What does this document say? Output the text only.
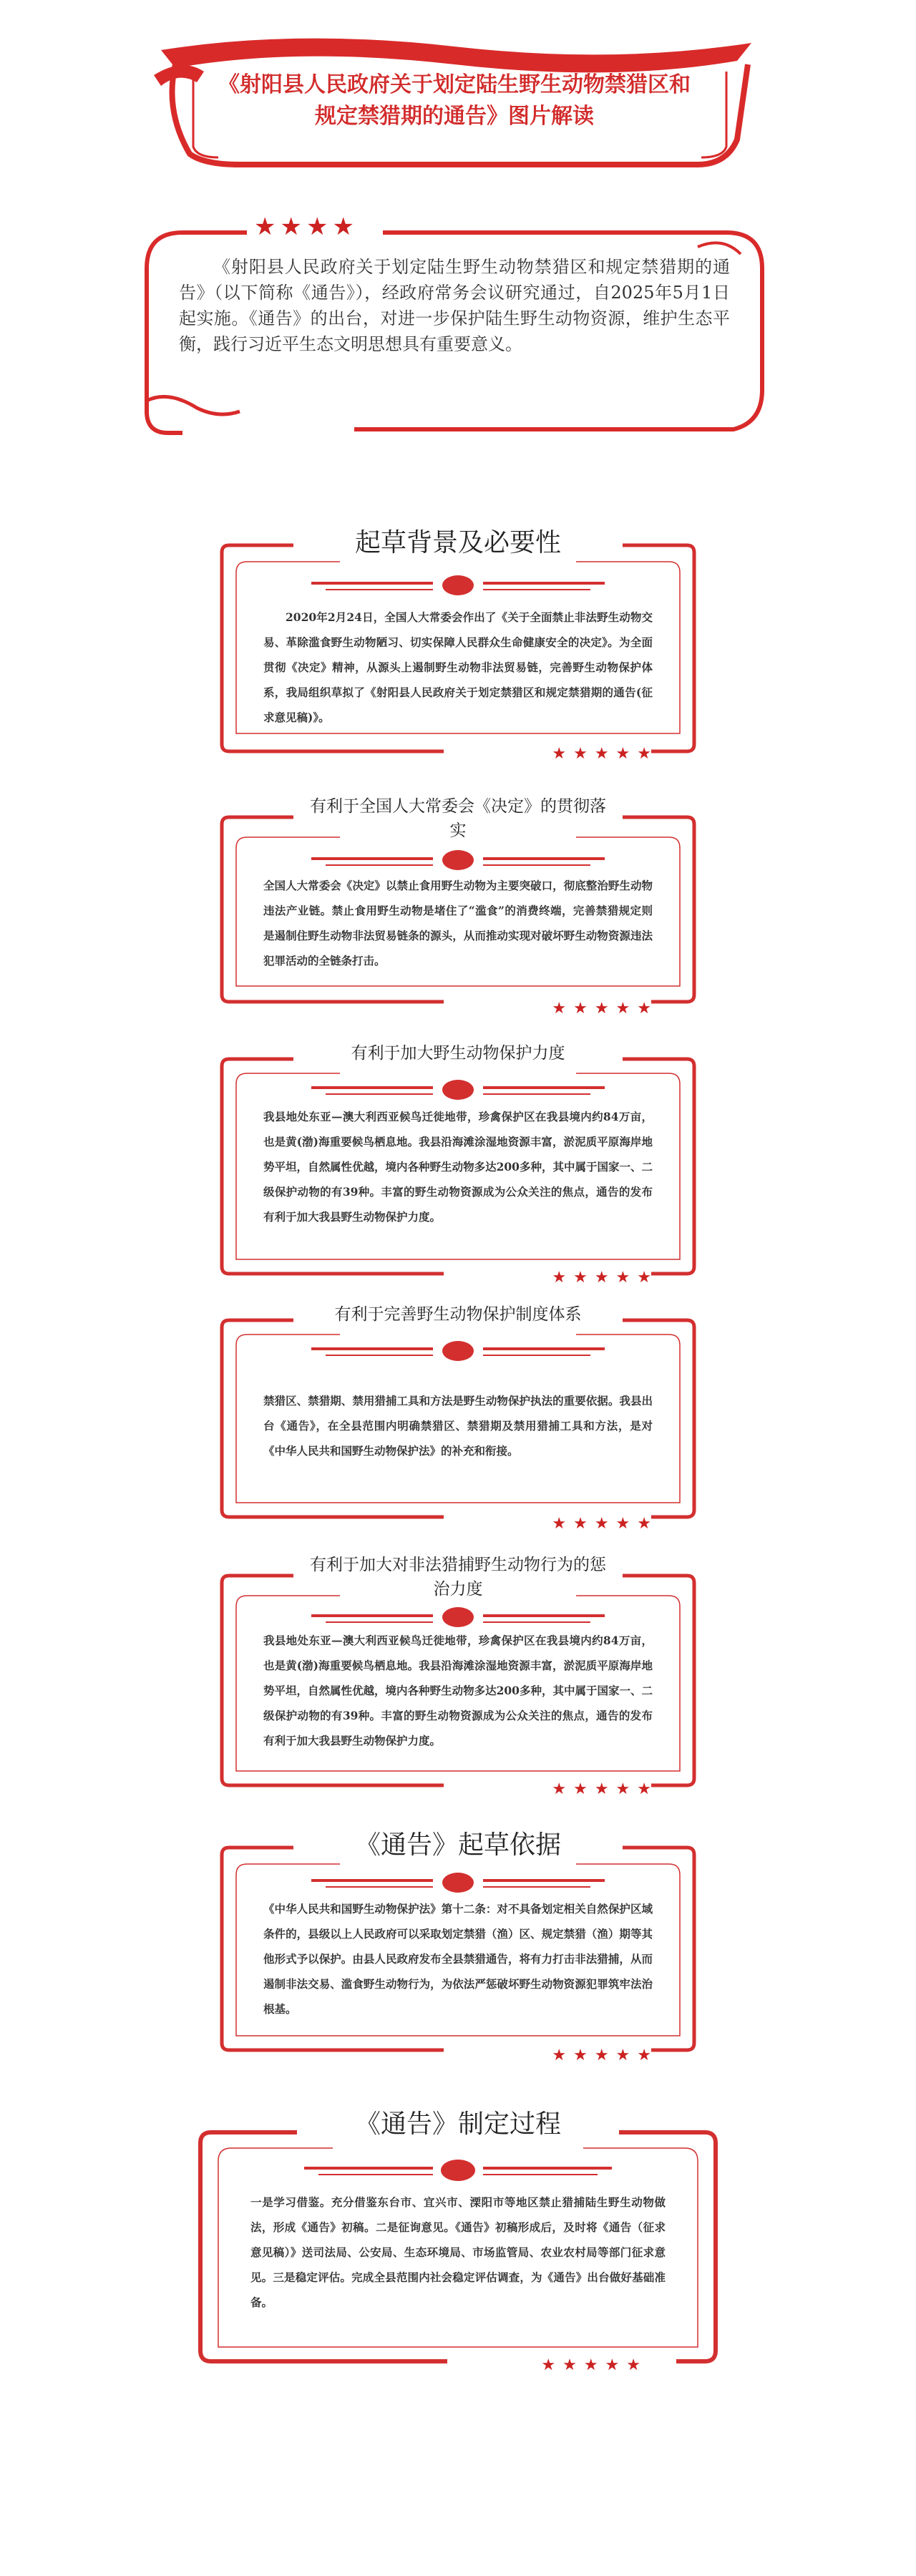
《射阳县人民政府关于划定陆生野生动物禁猎区和规定禁猎期的通告》图片解读
★★★★
《射阳县人民政府关于划定陆生野生动物禁猎区和规定禁猎期的通告》（以下简称《通告》），经政府常务会议研究通过，自2025年5月1日起实施。《通告》的出台，对进一步保护陆生野生动物资源，维护生态平衡，践行习近平生态文明思想具有重要意义。
起草背景及必要性
2020年2月24日，全国人大常委会作出了《关于全面禁止非法野生动物交易、革除滥食野生动物陋习、切实保障人民群众生命健康安全的决定》。为全面贯彻《决定》精神，从源头上遏制野生动物非法贸易链，完善野生动物保护体系，我局组织草拟了《射阳县人民政府关于划定禁猎区和规定禁猎期的通告(征求意见稿)》。
★★★★★
有利于全国人大常委会《决定》的贯彻落实
全国人大常委会《决定》以禁止食用野生动物为主要突破口，彻底整治野生动物违法产业链。禁止食用野生动物是堵住了“滥食”的消费终端，完善禁猎规定则是遏制住野生动物非法贸易链条的源头，从而推动实现对破坏野生动物资源违法犯罪活动的全链条打击。
★★★★★
有利于加大野生动物保护力度
我县地处东亚—澳大利西亚候鸟迁徙地带，珍禽保护区在我县境内约84万亩，也是黄(渤)海重要候鸟栖息地。我县沿海滩涂湿地资源丰富，淤泥质平原海岸地势平坦，自然属性优越，境内各种野生动物多达200多种，其中属于国家一、二级保护动物的有39种。丰富的野生动物资源成为公众关注的焦点，通告的发布有利于加大我县野生动物保护力度。
★★★★★
有利于完善野生动物保护制度体系
禁猎区、禁猎期、禁用猎捕工具和方法是野生动物保护执法的重要依据。我县出台《通告》，在全县范围内明确禁猎区、禁猎期及禁用猎捕工具和方法，是对《中华人民共和国野生动物保护法》的补充和衔接。
★★★★★
有利于加大对非法猎捕野生动物行为的惩治力度
我县地处东亚—澳大利西亚候鸟迁徙地带，珍禽保护区在我县境内约84万亩，也是黄(渤)海重要候鸟栖息地。我县沿海滩涂湿地资源丰富，淤泥质平原海岸地势平坦，自然属性优越，境内各种野生动物多达200多种，其中属于国家一、二级保护动物的有39种。丰富的野生动物资源成为公众关注的焦点，通告的发布有利于加大我县野生动物保护力度。
★★★★★
《通告》起草依据
《中华人民共和国野生动物保护法》第十二条：对不具备划定相关自然保护区域条件的，县级以上人民政府可以采取划定禁猎（渔）区、规定禁猎（渔）期等其他形式予以保护。由县人民政府发布全县禁猎通告，将有力打击非法猎捕，从而遏制非法交易、滥食野生动物行为，为依法严惩破坏野生动物资源犯罪筑牢法治根基。
★★★★★
《通告》制定过程
一是学习借鉴。充分借鉴东台市、宜兴市、溧阳市等地区禁止猎捕陆生野生动物做法，形成《通告》初稿。二是征询意见。《通告》初稿形成后，及时将《通告（征求意见稿）》送司法局、公安局、生态环境局、市场监管局、农业农村局等部门征求意见。三是稳定评估。完成全县范围内社会稳定评估调查，为《通告》出台做好基础准备。
★★★★★
